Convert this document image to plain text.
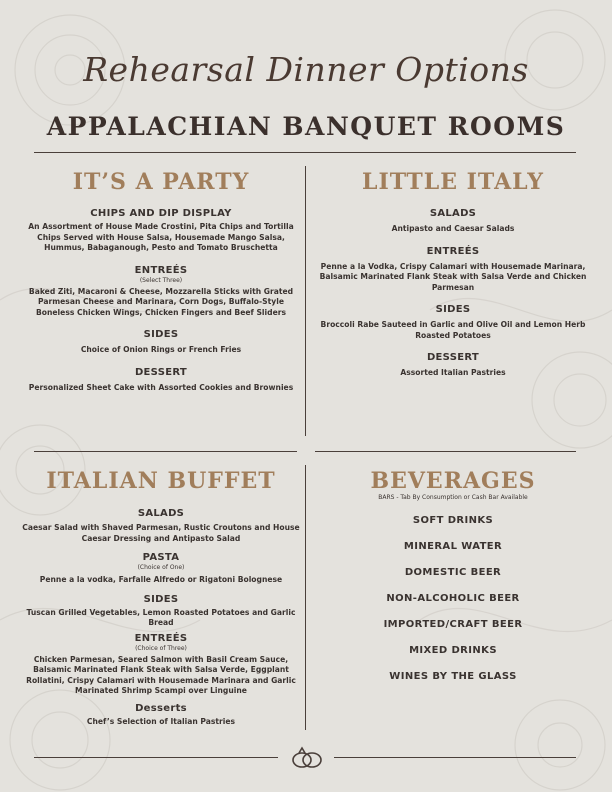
Rehearsal Dinner Options
APPALACHIAN BANQUET ROOMS
IT’S A PARTY
CHIPS AND DIP DISPLAY
An Assortment of House Made Crostini, Pita Chips and Tortilla Chips Served with House Salsa, Housemade Mango Salsa, Hummus, Babaganough, Pesto and Tomato Bruschetta
ENTREÉS
(Select Three)
Baked Ziti, Macaroni & Cheese, Mozzarella Sticks with Grated Parmesan Cheese and Marinara, Corn Dogs, Buffalo-Style Boneless Chicken Wings, Chicken Fingers and Beef Sliders
SIDES
Choice of Onion Rings or French Fries
DESSERT
Personalized Sheet Cake with Assorted Cookies and Brownies
LITTLE ITALY
SALADS
Antipasto and Caesar Salads
ENTREÉS
Penne a la Vodka, Crispy Calamari with Housemade Marinara, Balsamic Marinated Flank Steak with Salsa Verde and Chicken Parmesan
SIDES
Broccoli Rabe Sauteed in Garlic and Olive Oil and Lemon Herb Roasted Potatoes
DESSERT
Assorted Italian Pastries
ITALIAN BUFFET
SALADS
Caesar Salad with Shaved Parmesan, Rustic Croutons and House Caesar Dressing and Antipasto Salad
PASTA
(Choice of One)
Penne a la vodka, Farfalle Alfredo or Rigatoni Bolognese
SIDES
Tuscan Grilled Vegetables, Lemon Roasted Potatoes and Garlic Bread
ENTREÉS
(Choice of Three)
Chicken Parmesan, Seared Salmon with Basil Cream Sauce, Balsamic Marinated Flank Steak with Salsa Verde, Eggplant Rollatini, Crispy Calamari with Housemade Marinara and Garlic Marinated Shrimp Scampi over Linguine
Desserts
Chef’s Selection of Italian Pastries
BEVERAGES
BARS - Tab By Consumption or Cash Bar Available
SOFT DRINKS
MINERAL WATER
DOMESTIC BEER
NON-ALCOHOLIC BEER
IMPORTED/CRAFT BEER
MIXED DRINKS
WINES BY THE GLASS
